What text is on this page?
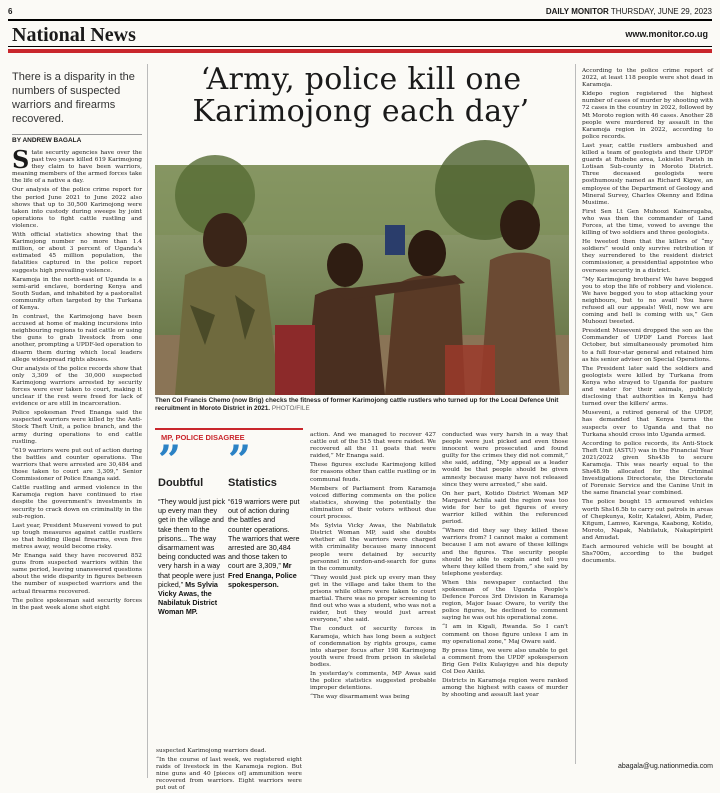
6	DAILY MONITOR THURSDAY, JUNE 29, 2023
National News	www.monitor.co.ug
There is a disparity in the numbers of suspected warriors and firearms recovered.
BY ANDREW BAGALA

State security agencies have over the past two years killed 619 Karimojong they claim to have been warriors, meaning members of the armed forces take the life of a native a day.

Our analysis of the police crime report for the period June 2021 to June 2022 also shows that up to 30,500 Karimojong were taken into custody during sweeps by joint operations to fight cattle rustling and violence.

With official statistics showing that the Karimojong number no more than 1.4 million, or about 3 percent of Uganda's estimated 45 million population, the fatalities captured in the police report suggests high prevailing violence.

Karamoja in the north-east of Uganda is a semi-arid enclave, bordering Kenya and South Sudan, and inhabited by a pastoralist community often targeted by the Turkana of Kenya.

In contrast, the Karimojong have been accused at home of making incursions into neighbouring regions to raid cattle or using the guns to grab livestock from one another, prompting a UPDF-led operation to disarm them during which local leaders allege widespread rights abuses.

Our analysis of the police records show that only 3,309 of the 30,000 suspected Karimojong warriors arrested by security forces were ever taken to court, making it unclear if the rest were freed for lack of evidence or are still in incarceration.

Police spokesman Fred Enanga said the suspected warriors were killed by the Anti-Stock Theft Unit, a police branch, and the army during operations to end cattle rustling.

“619 warriors were put out of action during the battles and counter operations. The warriors that were arrested are 30,484 and those taken to court are 3,309,” Senior Commissioner of Police Enanga said.

Cattle rustling and armed violence in the Karamoja region have continued to rise despite the government's investments in security to crack down on criminality in the sub-region.

Last year, President Museveni vowed to put up tough measures against cattle rustlers so that holding illegal firearms, even five metres away, would become risky.

Mr Enanga said they have recovered 852 guns from suspected warriors within the same period, leaving unanswered questions about the wide disparity in figures between the number of suspected warriors and the actual firearms recovered.

The police spokesman said security forces in the past week alone shot eight

‘Army, police kill one
Karimojong each day’
Then Col Francis Chemo (now Brig) checks the fitness of former Karimojong cattle rustlers who turned up for the Local Defence Unit recruitment in Moroto District in 2021. PHOTO/FILE
MP, POLICE DISAGREE
”
Doubtful
“They would just pick up every man they get in the village and take them to the prisons... The way disarmament was being conducted was very harsh in a way that people were just picked,” Ms Sylvia Vicky Awas, the Nabilatuk District Woman MP.
”
Statistics
“619 warriors were put out of action during the battles and counter operations. The warriors that were arrested are 30,484 and those taken to court are 3,309,” Mr Fred Enanga, Police spokesperson.

suspected Karimojong warriors dead.

“In the course of last week, we registered eight raids of livestock in the Karamoja region. But nine guns and 40 [pieces of] ammunition were recovered from warriors. Eight warriors were put out of

action. And we managed to recover 427 cattle out of the 515 that were raided. We recovered all the 11 goats that were raided,” Mr Enanga said.

These figures exclude Karimojong killed for reasons other than cattle rustling or in communal feuds.

Members of Parliament from Karamoja voiced differing comments on the police statistics, showing the potentially the elimination of their voters without due court process.

Ms Sylvia Vicky Awas, the Nabilatuk District Woman MP, said she doubts whether all the warriors were charged with criminality because many innocent people were detained by security personnel in cordon-and-search for guns in the community.

“They would just pick up every man they get in the village and take them to the prisons while others were taken to court martial. There was no proper screening to find out who was a student, who was not a raider, but they would just arrest everyone,” she said.

The conduct of security forces in Karamoja, which has long been a subject of condemnation by rights groups, came into sharper focus after 198 Karimojong youth were freed from prison in skeletal bodies.

In yesterday's comments, MP Awas said the police statistics suggested probable improper detentions.

“The way disarmament was being

conducted was very harsh in a way that people were just picked and even those innocent were prosecuted and found guilty for the crimes they did not commit,” she said, adding, “My appeal as a leader would be that people should be given amnesty because many have not released since they were arrested,” she said.

On her part, Kotido District Woman MP Margaret Achila said the region was too wide for her to get figures of every warrior killed within the referenced period.

“Where did they say they killed these warriors from? I cannot make a comment because I am not aware of these killings and the figures. The security people should be able to explain and tell you where they killed them from,” she said by telephone yesterday.

When this newspaper contacted the spokesman of the Uganda People's Defence Forces 3rd Division in Karamoja region, Major Isaac Oware, to verify the police figures, he declined to comment saying he was out his operational zone.

“I am in Kigali, Rwanda. So I can't comment on those figure unless I am in my operational zone,” Maj Oware said.

By press time, we were also unable to get a comment from the UPDF spokesperson Brig Gen Felix Kulayigye and his deputy Col Deo Akiiki.

Districts in Karamoja region were ranked among the highest with cases of murder by shooting and assault last year

According to the police crime report of 2022, at least 118 people were shot dead in Karamoja.

Kidepo region registered the highest number of cases of murder by shooting with 72 cases in the country in 2022, followed by Mt Moroto region with 46 cases. Another 28 people were murdered by assault in the Karamoja region in 2022, according to police records.

Last year, cattle rustlers ambushed and killed a team of geologists and their UPDF guards at Rubebe area, Lokisilei Parish in Lotisan Sub-county in Moroto District. Three deceased geologists were posthumously named as Richard Kigwe, an employee of the Department of Geology and Mineral Survey, Charles Okenny and Edina Musiime.

First Sen Lt Gen Muhoozi Kainerugaba, who was then the commander of Land Forces, at the time, vowed to avenge the killing of two soldiers and three geologists.

He tweeted then that the killers of “my soldiers” would only survive retribution if they surrendered to the resident district commissioner, a presidential appointee who oversees security in a district.

“My Karimojong brothers! We have begged you to stop the life of robbery and violence. We have begged you to stop attacking your neighbours, but to no avail! You have refused all our appeals! Well, now we are coming and hell is coming with us,” Gen Muhoozi tweeted.

President Museveni dropped the son as the Commander of UPDF Land Forces last October, but simultaneously promoted him to a full four-star general and retained him as his senior adviser on Special Operations.

The President later said the soldiers and geologists were killed by Turkana from Kenya who strayed to Uganda for pasture and water for their animals, publicly disclosing that authorities in Kenya had turned over the killers' arms.

Museveni, a retired general of the UPDF, has demanded that Kenya turns the suspects over to Uganda and that no Turkana should cross into Uganda armed.

According to police records, its Anti-Stock Theft Unit (ASTU) was in the Financial Year 2021/2022 given Shs43b to secure Karamoja. This was nearly equal to the Shs48.9b allocated for the Criminal Investigations Directorate, the Directorate of Forensic Service and the Canine Unit in the same financial year combined.

The police bought 15 armoured vehicles worth Shs16.5b to carry out patrols in areas of Chepkunya, Kolir, Katakwi, Abim, Pader, Kitgum, Lamwo, Karenga, Kaabong, Kotido, Moroto, Napak, Nabilatuk, Nakapiripirit and Amudat.

Each armoured vehicle will be bought at Shs700m, according to the budget documents.

abagala@ug.nationmedia.com
